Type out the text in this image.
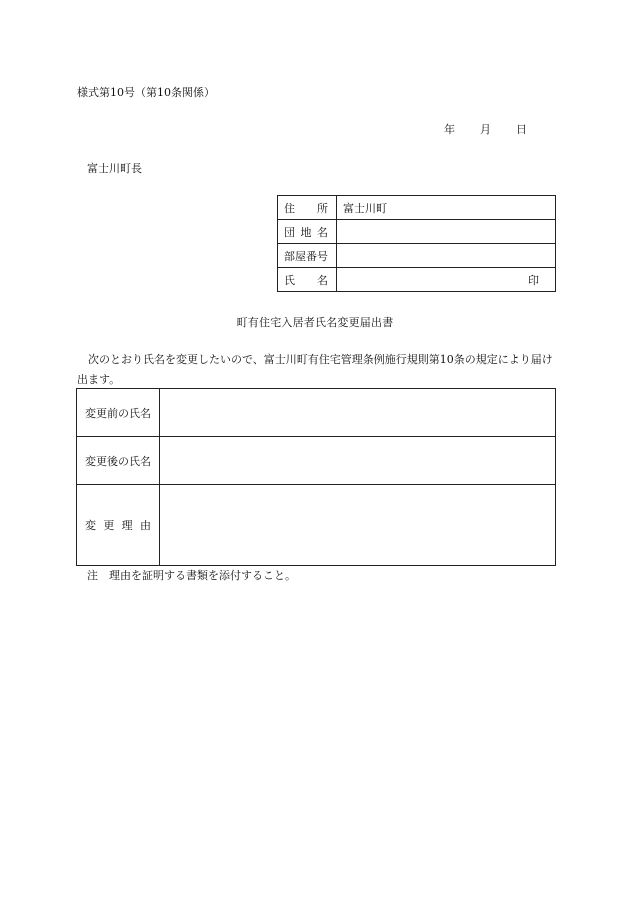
様式第10号（第10条関係）
年 月 日
富士川町長
住 所	富士川町

団 地 名	

部 屋 番 号	

氏 名	印
町有住宅入居者氏名変更届出書
次のとおり氏名を変更したいので、富士川町有住宅管理条例施行規則第10条の規定により届け出ます。
変更前の氏名	
変更後の氏名	

変 更 理 由	

注　理由を証明する書類を添付すること。
